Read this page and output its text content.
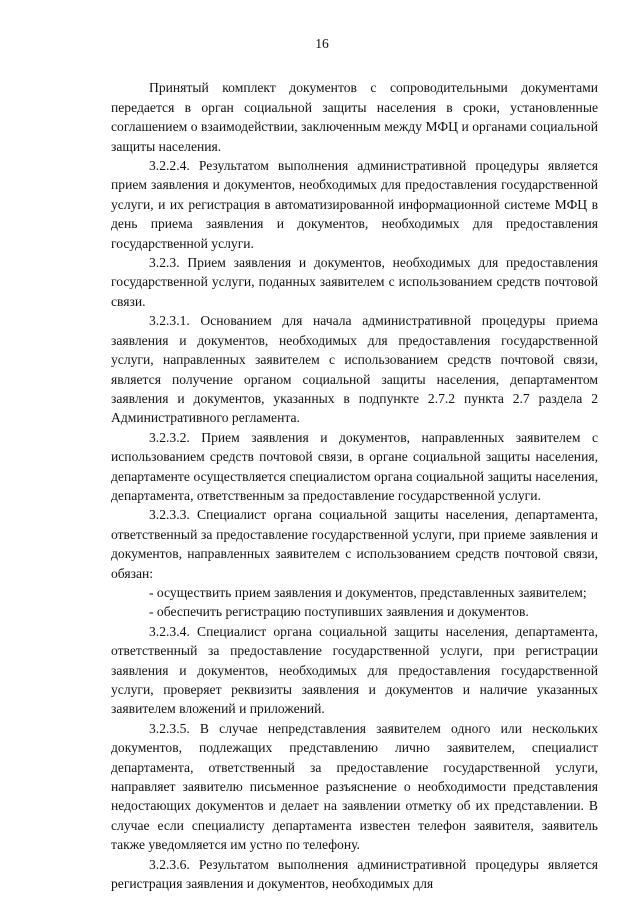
16

Принятый комплект документов с сопроводительными документами передается в орган социальной защиты населения в сроки, установленные соглашением о взаимодействии, заключенным между МФЦ и органами социальной защиты населения.

3.2.2.4. Результатом выполнения административной процедуры является прием заявления и документов, необходимых для предоставления государственной услуги, и их регистрация в автоматизированной информационной системе МФЦ в день приема заявления и документов, необходимых для предоставления государственной услуги.

3.2.3. Прием заявления и документов, необходимых для предоставления государственной услуги, поданных заявителем с использованием средств почтовой связи.

3.2.3.1. Основанием для начала административной процедуры приема заявления и документов, необходимых для предоставления государственной услуги, направленных заявителем с использованием средств почтовой связи, является получение органом социальной защиты населения, департаментом заявления и документов, указанных в подпункте 2.7.2 пункта 2.7 раздела 2 Административного регламента.

3.2.3.2. Прием заявления и документов, направленных заявителем с использованием средств почтовой связи, в органе социальной защиты населения, департаменте осуществляется специалистом органа социальной защиты населения, департамента, ответственным за предоставление государственной услуги.

3.2.3.3. Специалист органа социальной защиты населения, департамента, ответственный за предоставление государственной услуги, при приеме заявления и документов, направленных заявителем с использованием средств почтовой связи, обязан:

- осуществить прием заявления и документов, представленных заявителем;

- обеспечить регистрацию поступивших заявления и документов.

3.2.3.4. Специалист органа социальной защиты населения, департамента, ответственный за предоставление государственной услуги, при регистрации заявления и документов, необходимых для предоставления государственной услуги, проверяет реквизиты заявления и документов и наличие указанных заявителем вложений и приложений.

3.2.3.5. В случае непредставления заявителем одного или нескольких документов, подлежащих представлению лично заявителем, специалист департамента, ответственный за предоставление государственной услуги, направляет заявителю письменное разъяснение о необходимости представления недостающих документов и делает на заявлении отметку об их представлении. В случае если специалисту департамента известен телефон заявителя, заявитель также уведомляется им устно по телефону.

3.2.3.6. Результатом выполнения административной процедуры является регистрация заявления и документов, необходимых для
